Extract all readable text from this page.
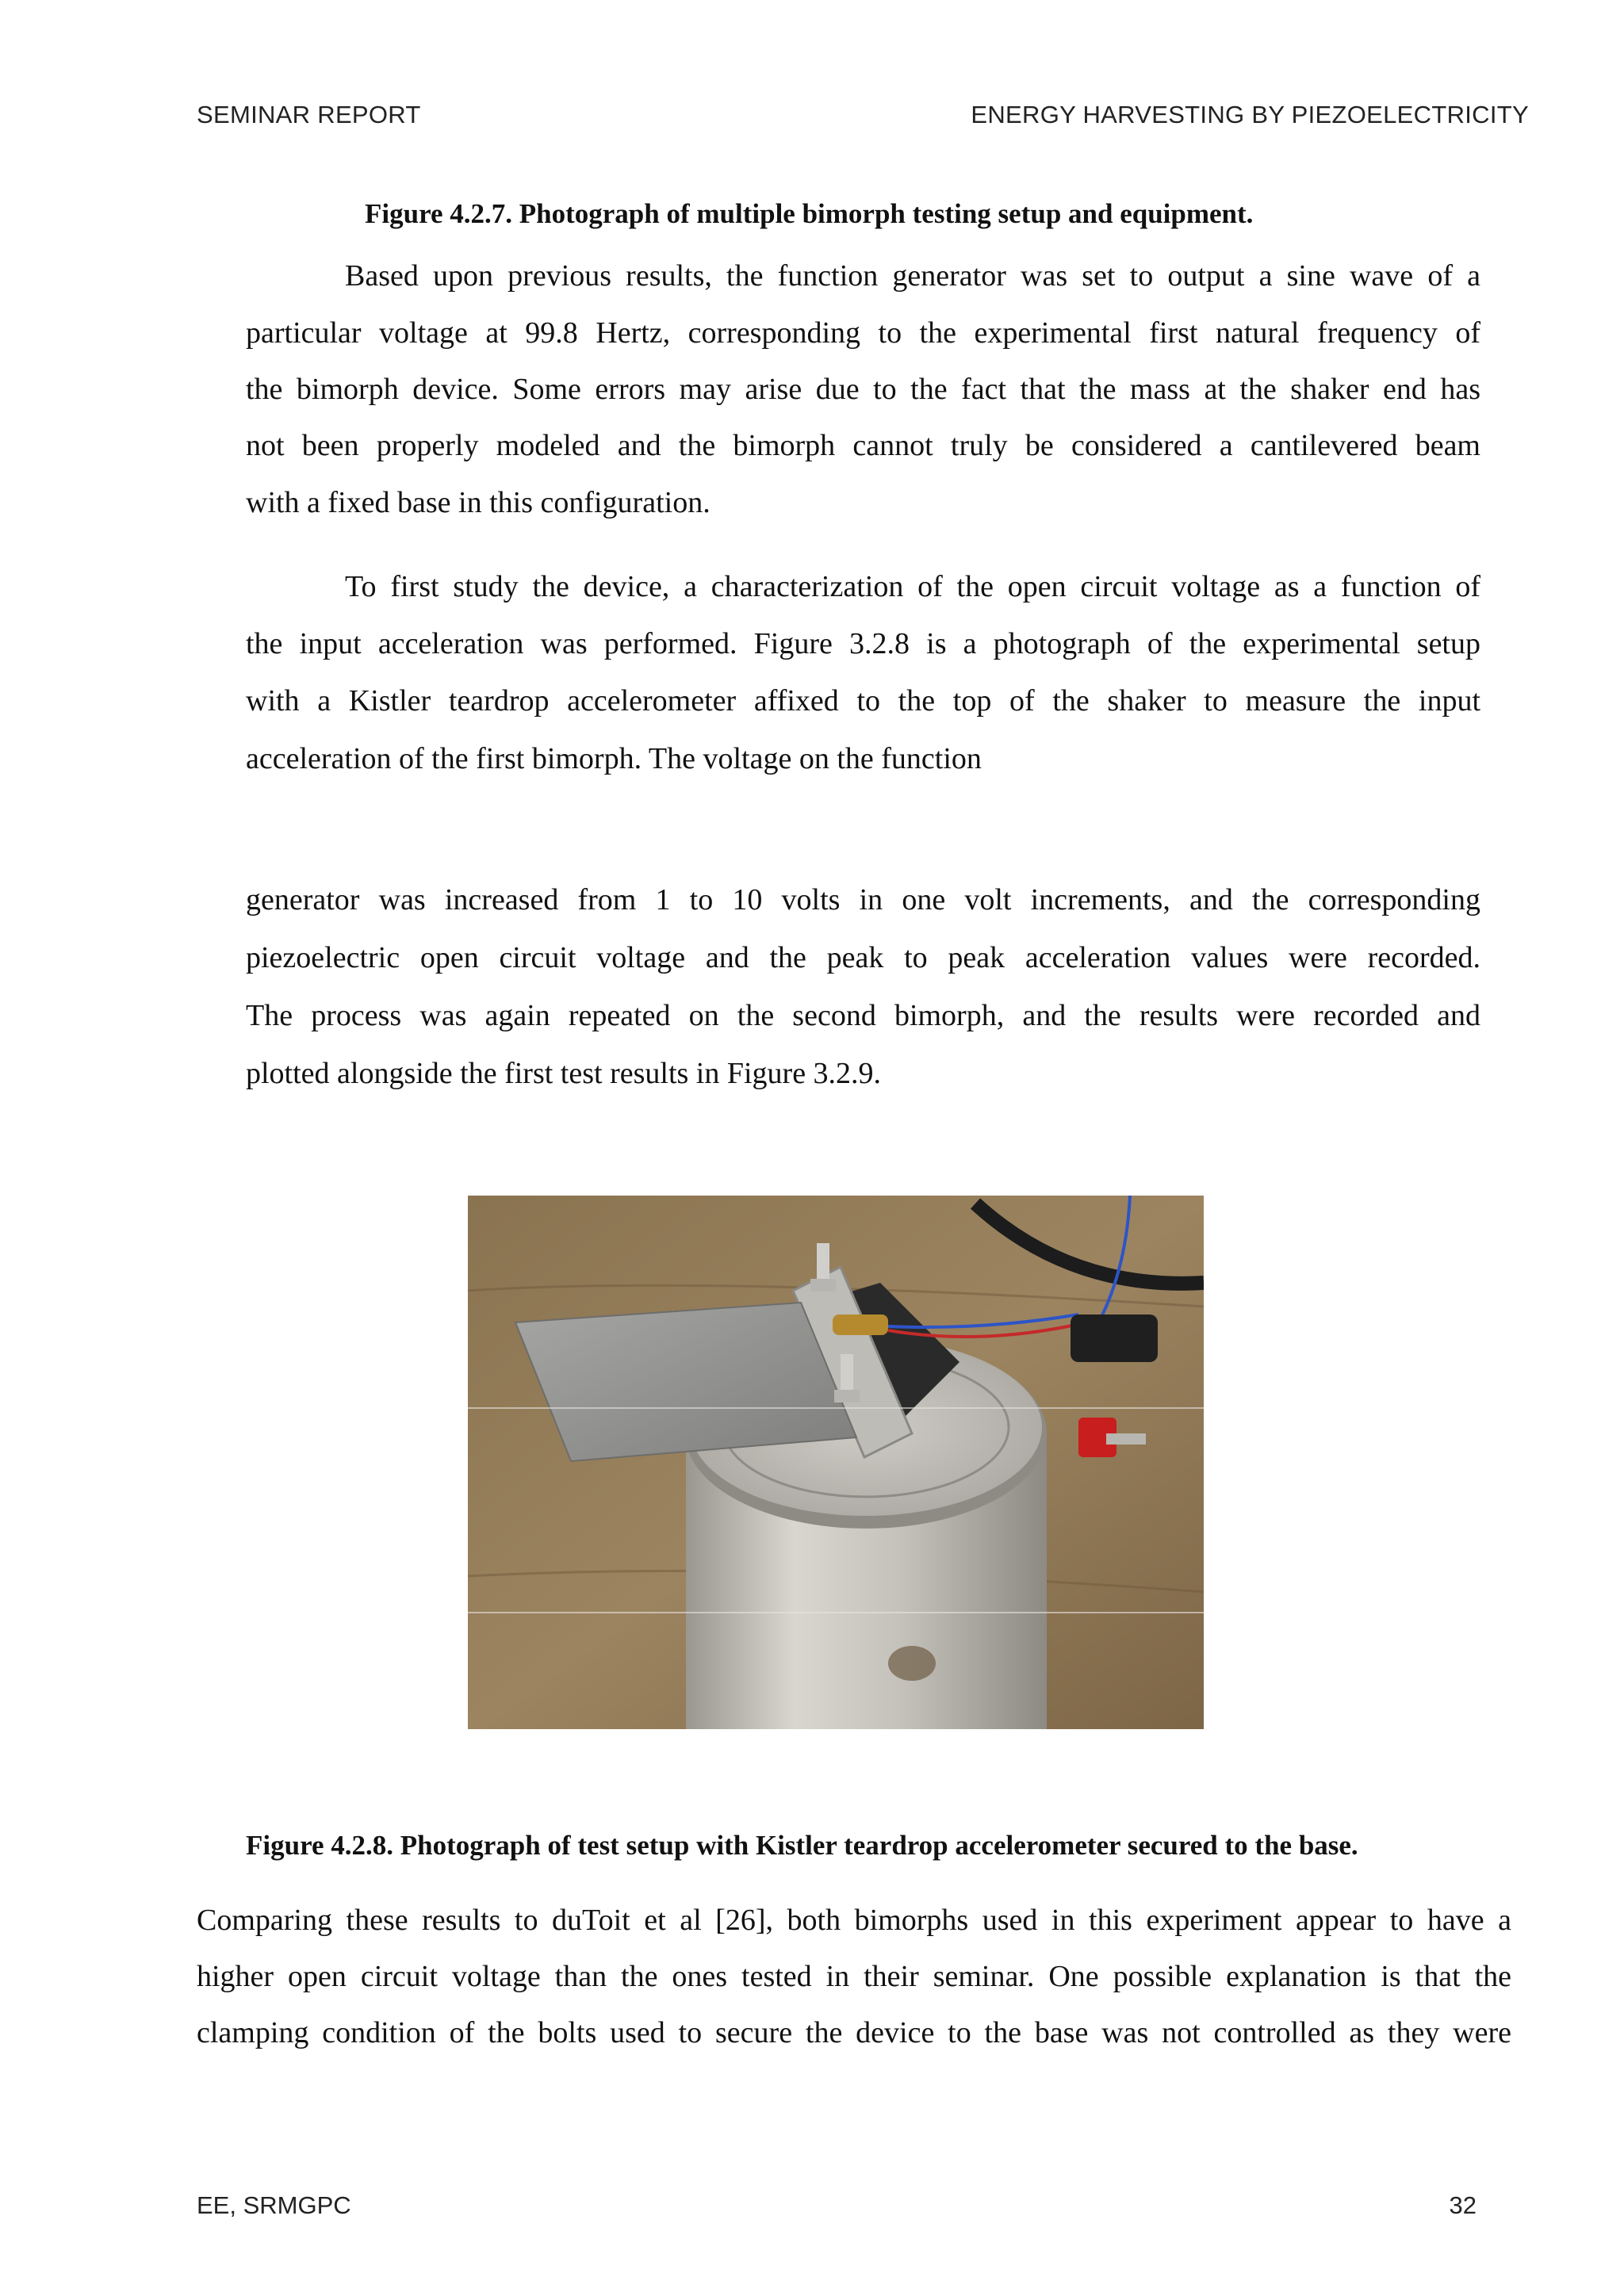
SEMINAR REPORT	ENERGY HARVESTING BY PIEZOELECTRICITY
Figure 4.2.7. Photograph of multiple bimorph testing setup and equipment.
Based upon previous results, the function generator was set to output a sine wave of a
particular voltage at 99.8 Hertz, corresponding to the experimental first natural frequency of
the bimorph device. Some errors may arise due to the fact that the mass at the shaker end has
not been properly modeled and the bimorph cannot truly be considered a cantilevered beam
with a fixed base in this configuration.
To first study the device, a characterization of the open circuit voltage as a function of
the input acceleration was performed. Figure 3.2.8 is a photograph of the experimental setup
with a Kistler teardrop accelerometer affixed to the top of the shaker to measure the input
acceleration of the first bimorph. The voltage on the function
generator was increased from 1 to 10 volts in one volt increments, and the corresponding
piezoelectric open circuit voltage and the peak to peak acceleration values were recorded.
The process was again repeated on the second bimorph, and the results were recorded and
plotted alongside the first test results in Figure 3.2.9.
Figure 4.2.8. Photograph of test setup with Kistler teardrop accelerometer secured to the base.
Comparing these results to duToit et al [26], both bimorphs used in this experiment appear to have a
higher open circuit voltage than the ones tested in their seminar. One possible explanation is that the
clamping condition of the bolts used to secure the device to the base was not controlled as they were
EE, SRMGPC	32
